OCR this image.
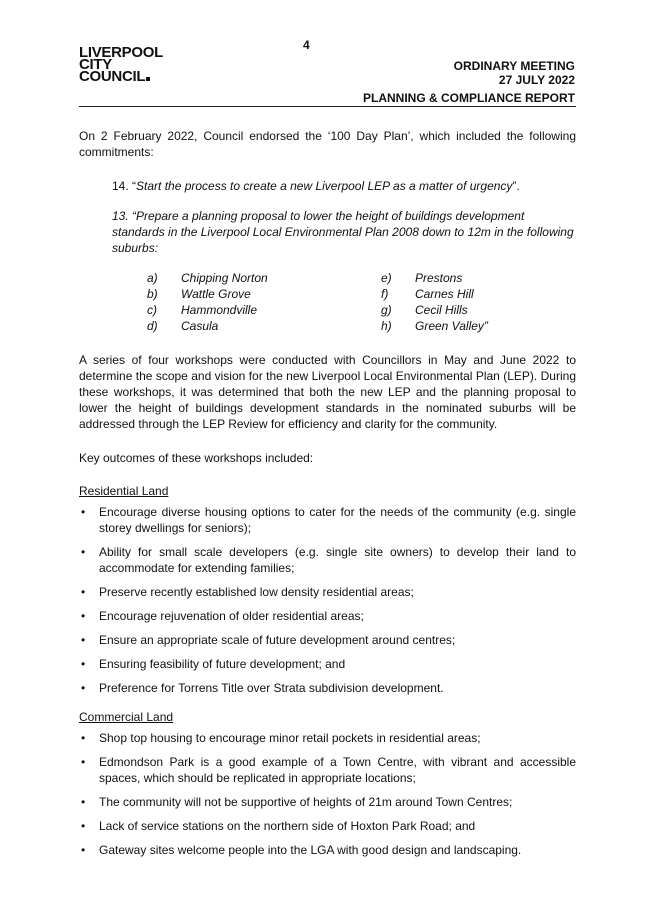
4
LIVERPOOL
CITY
COUNCIL
ORDINARY MEETING
27 JULY 2022
PLANNING & COMPLIANCE REPORT

On 2 February 2022, Council endorsed the ‘100 Day Plan’, which included the following commitments:

14. “Start the process to create a new Liverpool LEP as a matter of urgency”.
13. “Prepare a planning proposal to lower the height of buildings development standards in the Liverpool Local Environmental Plan 2008 down to 12m in the following suburbs:
a)	Chipping Norton	e)	Prestons
b)	Wattle Grove	f)	Carnes Hill
c)	Hammondville	g)	Cecil Hills
d)	Casula	h)	Green Valley”

A series of four workshops were conducted with Councillors in May and June 2022 to determine the scope and vision for the new Liverpool Local Environmental Plan (LEP). During these workshops, it was determined that both the new LEP and the planning proposal to lower the height of buildings development standards in the nominated suburbs will be addressed through the LEP Review for efficiency and clarity for the community.

Key outcomes of these workshops included:

Residential Land
• Encourage diverse housing options to cater for the needs of the community (e.g. single storey dwellings for seniors);
• Ability for small scale developers (e.g. single site owners) to develop their land to accommodate for extending families;
• Preserve recently established low density residential areas;
• Encourage rejuvenation of older residential areas;
• Ensure an appropriate scale of future development around centres;
• Ensuring feasibility of future development; and
• Preference for Torrens Title over Strata subdivision development.
Commercial Land
• Shop top housing to encourage minor retail pockets in residential areas;
• Edmondson Park is a good example of a Town Centre, with vibrant and accessible spaces, which should be replicated in appropriate locations;
• The community will not be supportive of heights of 21m around Town Centres;
• Lack of service stations on the northern side of Hoxton Park Road; and
• Gateway sites welcome people into the LGA with good design and landscaping.
